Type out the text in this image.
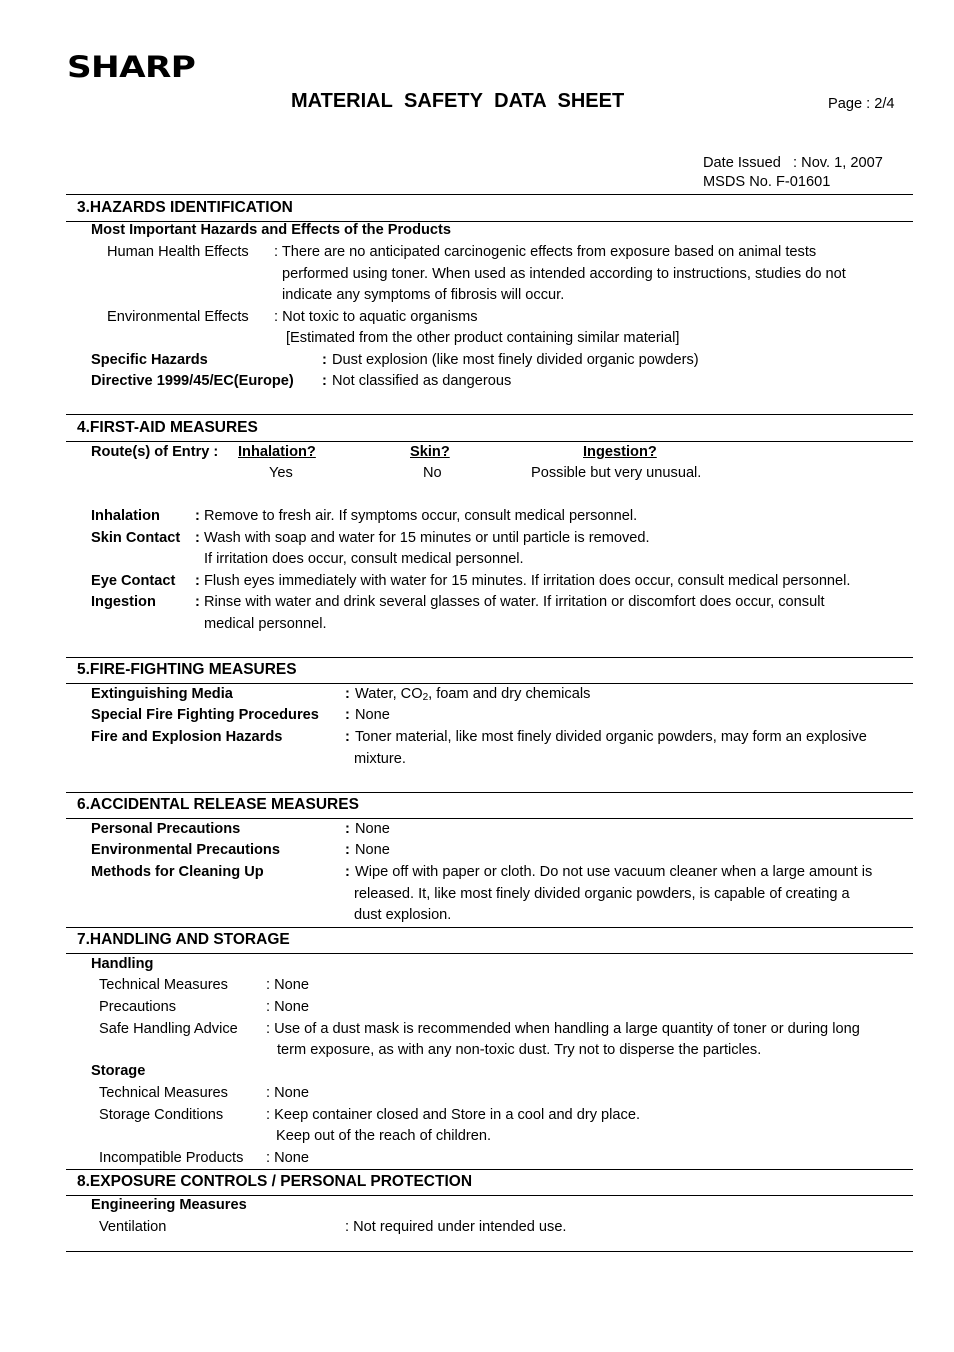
SHARP
MATERIAL SAFETY DATA SHEET	Page : 2/4
Date Issued   : Nov. 1, 2007
MSDS No. F-01601
3.HAZARDS IDENTIFICATION
Most Important Hazards and Effects of the Products
Human Health Effects : There are no anticipated carcinogenic effects from exposure based on animal tests
performed using toner. When used as intended according to instructions, studies do not
indicate any symptoms of fibrosis will occur.
Environmental Effects : Not toxic to aquatic organisms
[Estimated from the other product containing similar material]
Specific Hazards	: Dust explosion (like most finely divided organic powders)
Directive 1999/45/EC(Europe) : Not classified as dangerous
4.FIRST-AID MEASURES
Route(s) of Entry : Inhalation?	Skin?	Ingestion?
Yes	No	Possible but very unusual.
Inhalation : Remove to fresh air. If symptoms occur, consult medical personnel.
Skin Contact : Wash with soap and water for 15 minutes or until particle is removed.
If irritation does occur, consult medical personnel.
Eye Contact : Flush eyes immediately with water for 15 minutes. If irritation does occur, consult medical personnel.
Ingestion	: Rinse with water and drink several glasses of water. If irritation or discomfort does occur, consult
medical personnel.
5.FIRE-FIGHTING MEASURES
Extinguishing Media	: Water, $CO_2$, foam and dry chemicals
Special Fire Fighting Procedures : None
Fire and Explosion Hazards	: Toner material, like most finely divided organic powders, may form an explosive
mixture.
6.ACCIDENTAL RELEASE MEASURES
Personal Precautions	: None
Environmental Precautions	: None
Methods for Cleaning Up	: Wipe off with paper or cloth. Do not use vacuum cleaner when a large amount is
released. It, like most finely divided organic powders, is capable of creating a
dust explosion.
7.HANDLING AND STORAGE
Handling
Technical Measures	: None
Precautions	: None
Safe Handling Advice : Use of a dust mask is recommended when handling a large quantity of toner or during long
term exposure, as with any non-toxic dust. Try not to disperse the particles.
Storage
Technical Measures	: None
Storage Conditions	: Keep container closed and Store in a cool and dry place.
Keep out of the reach of children.
Incompatible Products : None
8.EXPOSURE CONTROLS / PERSONAL PROTECTION
Engineering Measures
Ventilation	: Not required under intended use.
